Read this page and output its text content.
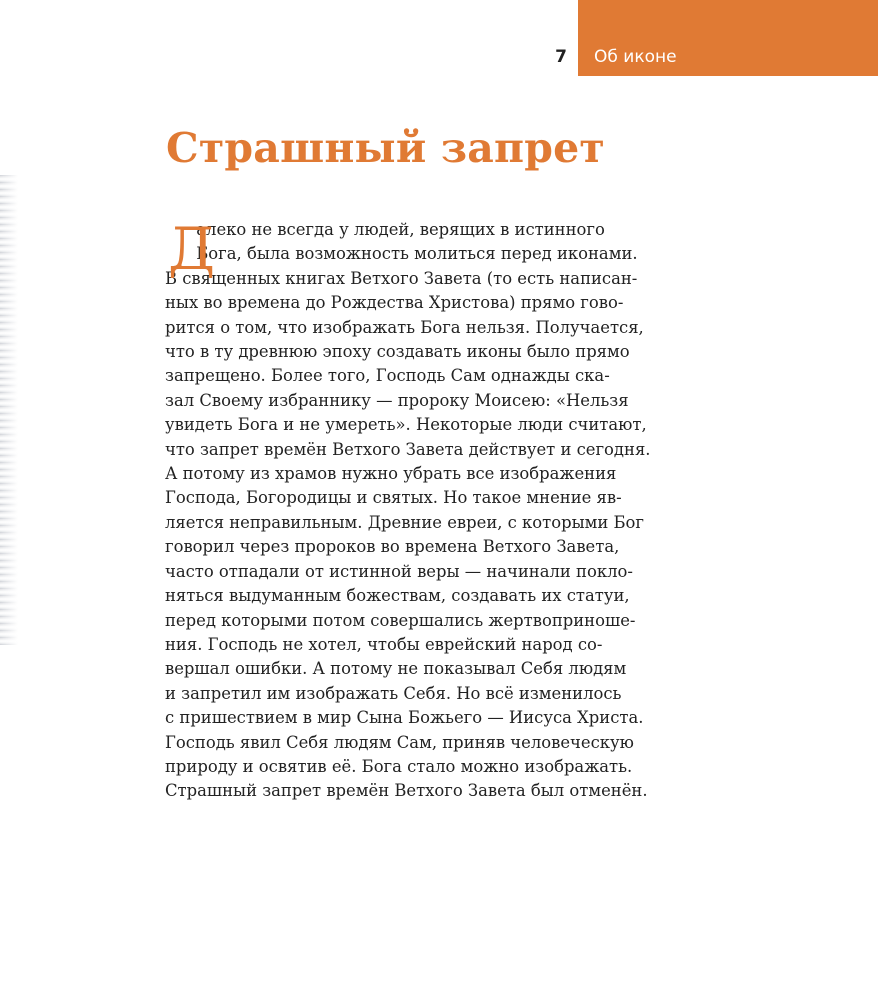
7	Об иконе
Страшный запрет
алеко не всегда у людей, верящих в истинного
Бога, была возможность молиться перед иконами.
В священных книгах Ветхого Завета (то есть написан-
ных во времена до Рождества Христова) прямо гово-
рится о том, что изображать Бога нельзя. Получается,
что в ту древнюю эпоху создавать иконы было прямо
запрещено. Более того, Господь Сам однажды ска-
зал Своему избраннику — пророку Моисею: «Нельзя
увидеть Бога и не умереть». Некоторые люди считают,
что запрет времён Ветхого Завета действует и сегодня.
А потому из храмов нужно убрать все изображения
Господа, Богородицы и святых. Но такое мнение яв-
ляется неправильным. Древние евреи, с которыми Бог
говорил через пророков во времена Ветхого Завета,
часто отпадали от истинной веры — начинали покло-
няться выдуманным божествам, создавать их статуи,
перед которыми потом совершались жертвоприноше-
ния. Господь не хотел, чтобы еврейский народ со-
вершал ошибки. А потому не показывал Себя людям
и запретил им изображать Себя. Но всё изменилось
с пришествием в мир Сына Божьего — Иисуса Христа.
Господь явил Себя людям Сам, приняв человеческую
природу и освятив её. Бога стало можно изображать.
Страшный запрет времён Ветхого Завета был отменён.
Д
